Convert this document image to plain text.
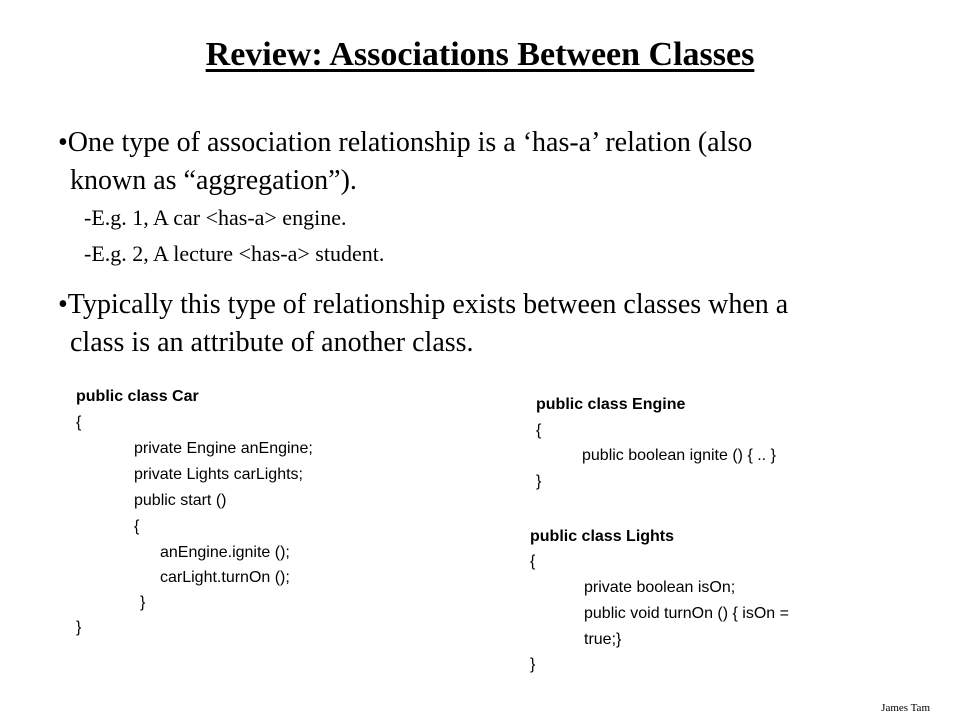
Review: Associations Between Classes
•One type of association relationship is a ‘has-a’ relation (also
known as “aggregation”).
-E.g. 1, A car <has-a> engine.
-E.g. 2, A lecture <has-a> student.
•Typically this type of relationship exists between classes when a
class is an attribute of another class.
public class Car
{
private Engine anEngine;
private Lights carLights;
public start ()
{
anEngine.ignite ();
carLight.turnOn ();
}
}
public class Engine
{
public boolean ignite () { .. }
}
public class Lights
{
private boolean isOn;
public void turnOn () { isOn =
true;}
}
James Tam
